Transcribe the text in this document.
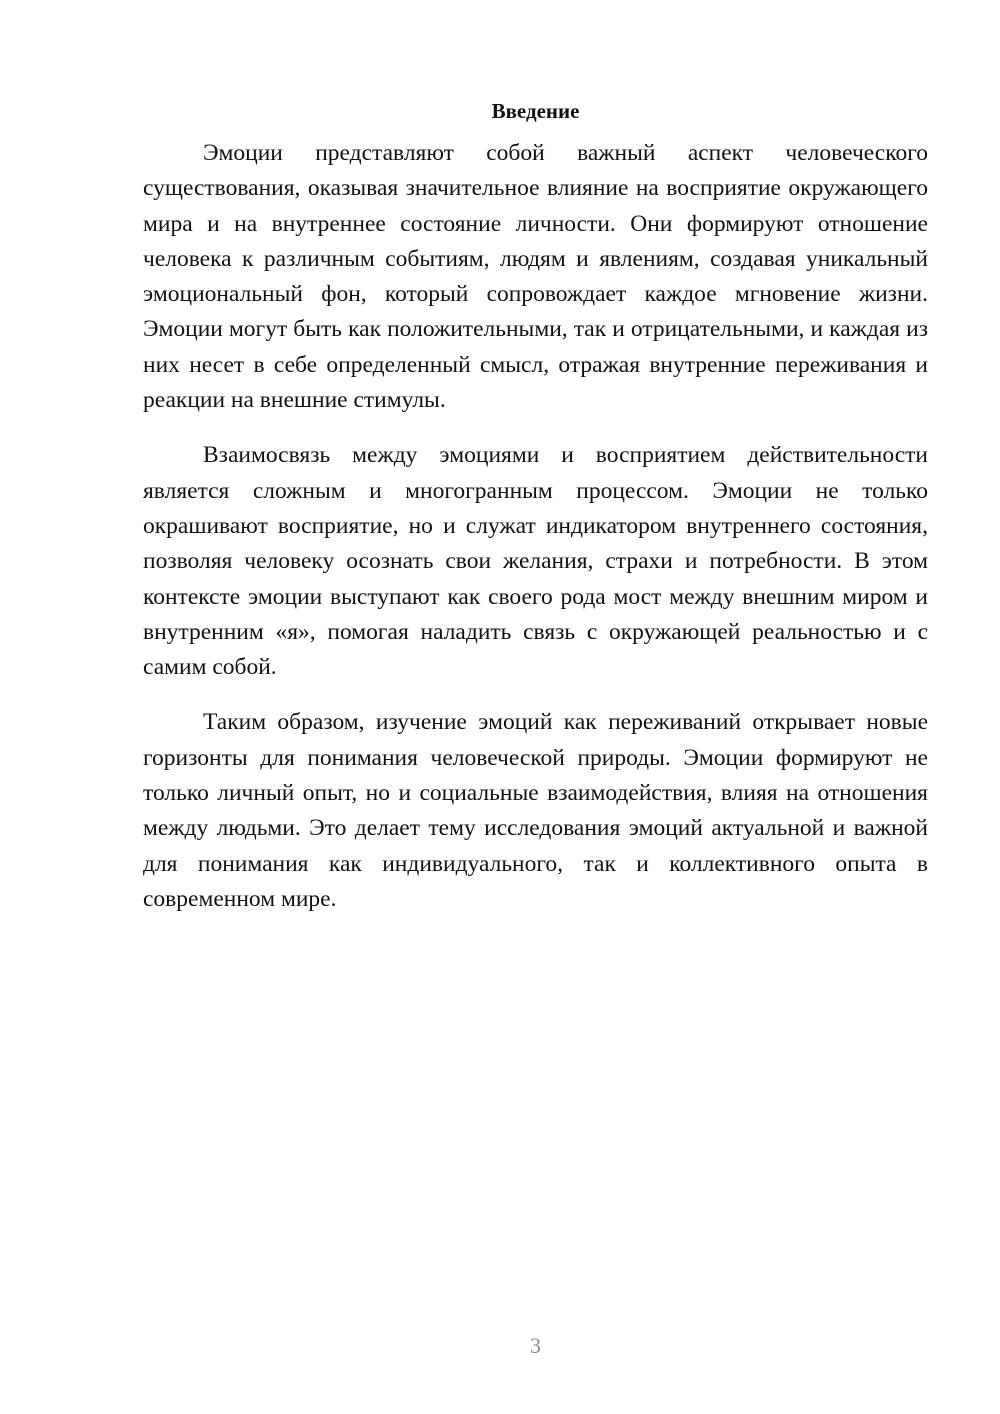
Введение

Эмоции представляют собой важный аспект человеческого существования, оказывая значительное влияние на восприятие окружающего мира и на внутреннее состояние личности. Они формируют отношение человека к различным событиям, людям и явлениям, создавая уникальный эмоциональный фон, который сопровождает каждое мгновение жизни. Эмоции могут быть как положительными, так и отрицательными, и каждая из них несет в себе определенный смысл, отражая внутренние переживания и реакции на внешние стимулы.

Взаимосвязь между эмоциями и восприятием действительности является сложным и многогранным процессом. Эмоции не только окрашивают восприятие, но и служат индикатором внутреннего состояния, позволяя человеку осознать свои желания, страхи и потребности. В этом контексте эмоции выступают как своего рода мост между внешним миром и внутренним «я», помогая наладить связь с окружающей реальностью и с самим собой.

Таким образом, изучение эмоций как переживаний открывает новые горизонты для понимания человеческой природы. Эмоции формируют не только личный опыт, но и социальные взаимодействия, влияя на отношения между людьми. Это делает тему исследования эмоций актуальной и важной для понимания как индивидуального, так и коллективного опыта в современном мире.

3
